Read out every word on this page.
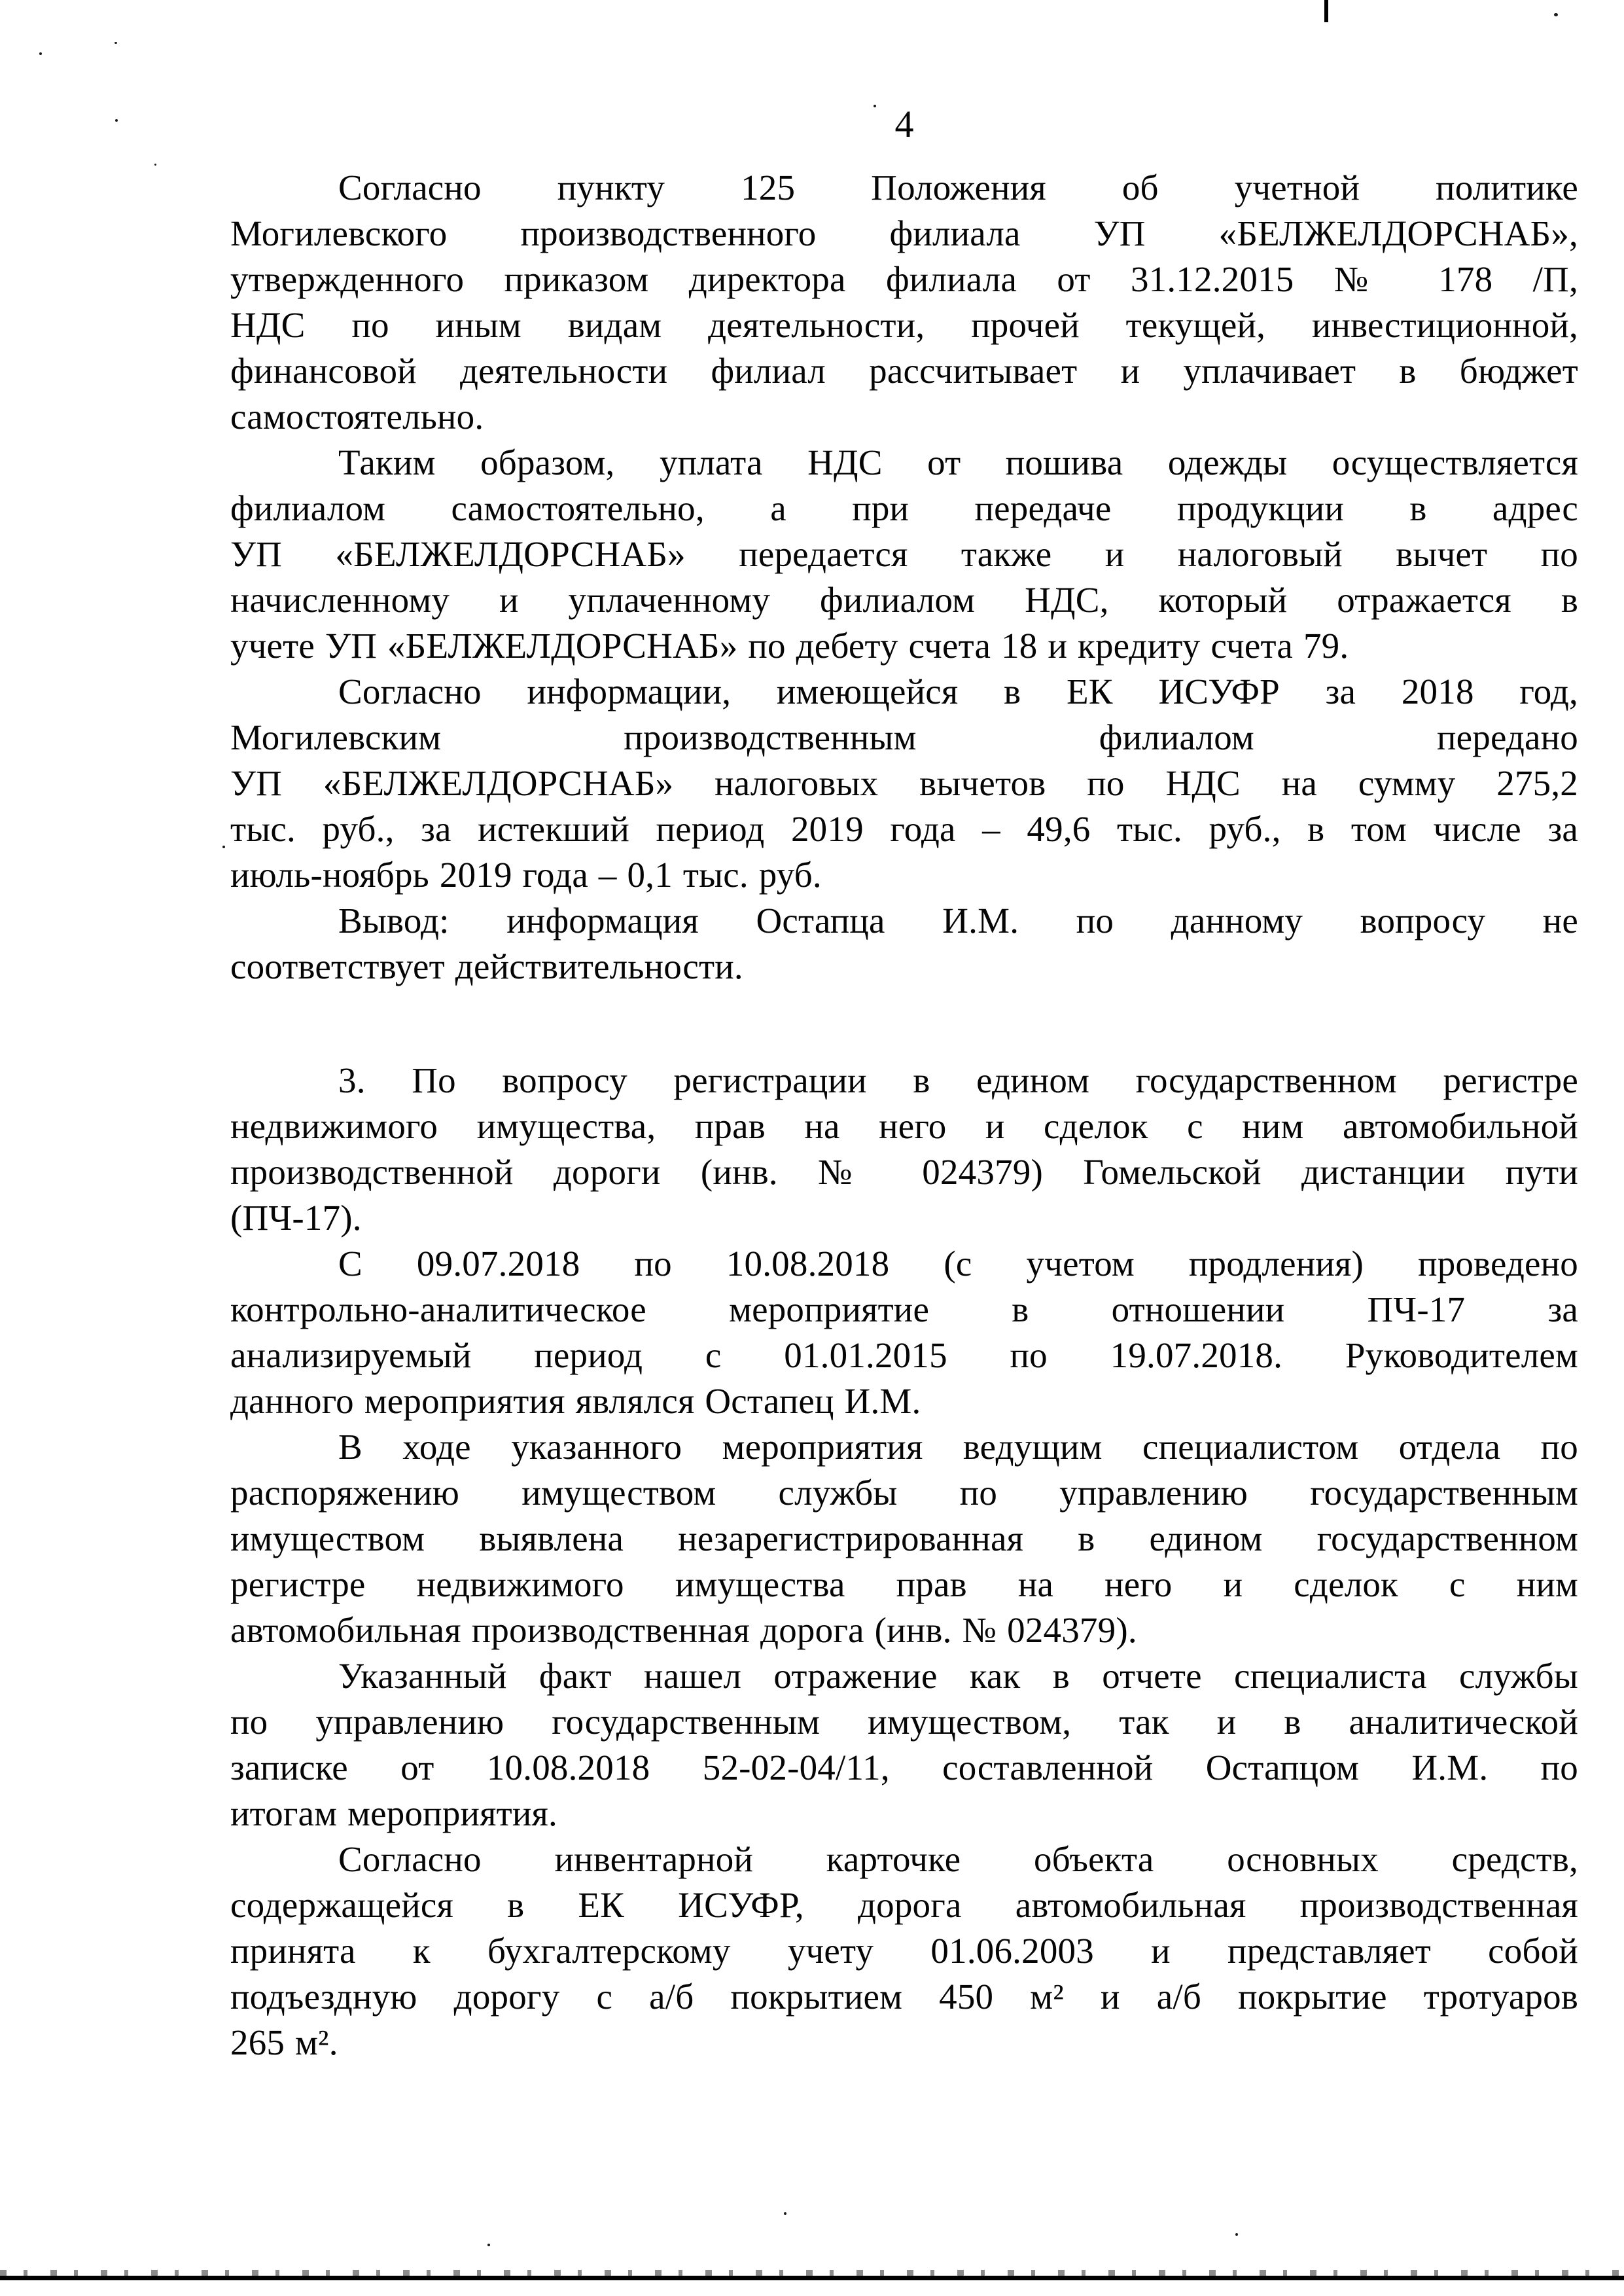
4

Согласно пункту 125 Положения об учетной политике
Могилевского производственного филиала УП «БЕЛЖЕЛДОРСНАБ»,
утвержденного приказом директора филиала от 31.12.2015 № 178 /П,
НДС по иным видам деятельности, прочей текущей, инвестиционной,
финансовой деятельности филиал рассчитывает и уплачивает в бюджет
самостоятельно.

Таким образом, уплата НДС от пошива одежды осуществляется
филиалом самостоятельно, а при передаче продукции в адрес
УП «БЕЛЖЕЛДОРСНАБ» передается также и налоговый вычет по
начисленному и уплаченному филиалом НДС, который отражается в
учете УП «БЕЛЖЕЛДОРСНАБ» по дебету счета 18 и кредиту счета 79.

Согласно информации, имеющейся в ЕК ИСУФР за 2018 год,
Могилевским производственным филиалом передано
УП «БЕЛЖЕЛДОРСНАБ» налоговых вычетов по НДС на сумму 275,2
тыс. руб., за истекший период 2019 года – 49,6 тыс. руб., в том числе за
июль-ноябрь 2019 года – 0,1 тыс. руб.

Вывод: информация Остапца И.М. по данному вопросу не
соответствует действительности.

3. По вопросу регистрации в едином государственном регистре
недвижимого имущества, прав на него и сделок с ним автомобильной
производственной дороги (инв. № 024379) Гомельской дистанции пути
(ПЧ-17).

С 09.07.2018 по 10.08.2018 (с учетом продления) проведено
контрольно-аналитическое мероприятие в отношении ПЧ-17 за
анализируемый период с 01.01.2015 по 19.07.2018. Руководителем
данного мероприятия являлся Остапец И.М.

В ходе указанного мероприятия ведущим специалистом отдела по
распоряжению имуществом службы по управлению государственным
имуществом выявлена незарегистрированная в едином государственном
регистре недвижимого имущества прав на него и сделок с ним
автомобильная производственная дорога (инв. № 024379).

Указанный факт нашел отражение как в отчете специалиста службы
по управлению государственным имуществом, так и в аналитической
записке от 10.08.2018 52-02-04/11, составленной Остапцом И.М. по
итогам мероприятия.

Согласно инвентарной карточке объекта основных средств,
содержащейся в ЕК ИСУФР, дорога автомобильная производственная
принята к бухгалтерскому учету 01.06.2003 и представляет собой
подъездную дорогу с а/б покрытием 450 м² и а/б покрытие тротуаров
265 м².
